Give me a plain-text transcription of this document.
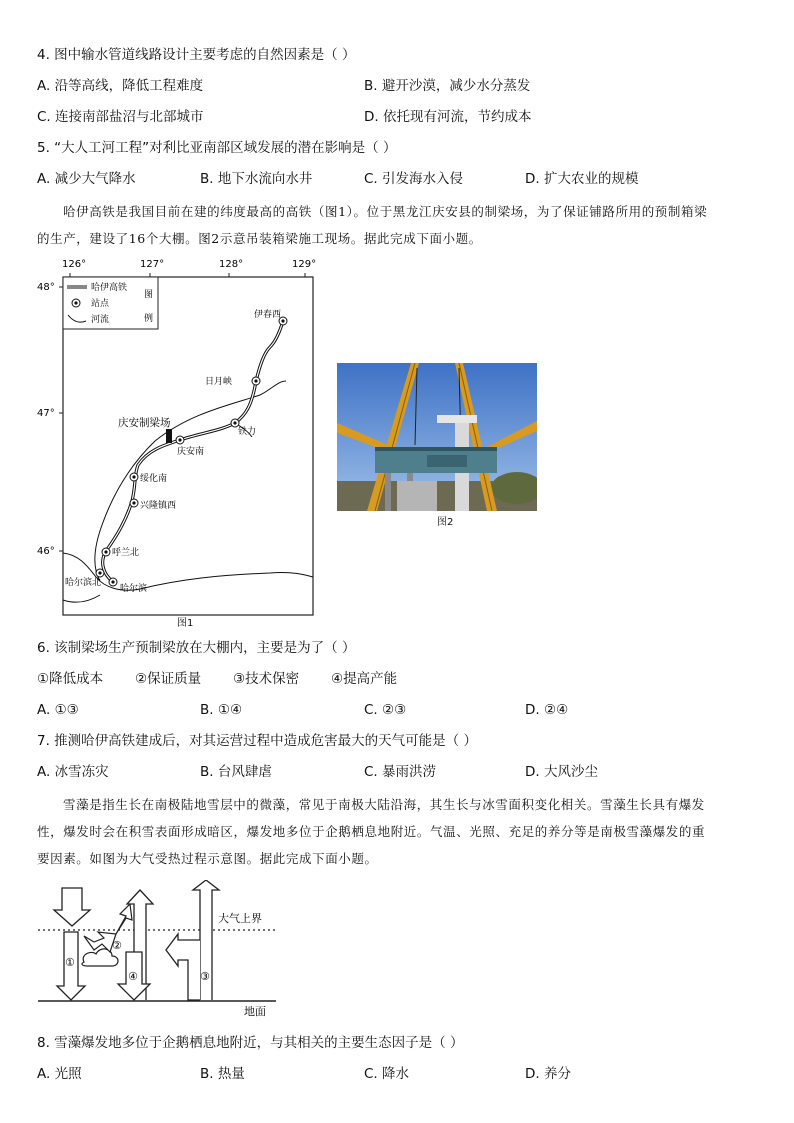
4. 图中输水管道线路设计主要考虑的自然因素是（ ）
A. 沿等高线，降低工程难度	B. 避开沙漠，减少水分蒸发
C. 连接南部盐沼与北部城市	D. 依托现有河流，节约成本
5. “大人工河工程”对利比亚南部区域发展的潜在影响是（ ）
A. 减少大气降水	B. 地下水流向水井	C. 引发海水入侵	D. 扩大农业的规模
哈伊高铁是我国目前在建的纬度最高的高铁（图1）。位于黑龙江庆安县的制梁场，为了保证铺路所用的预制箱梁
的生产，建设了16个大棚。图2示意吊装箱梁施工现场。据此完成下面小题。
126°	127°	128°	129°
48°
47°
46°
哈伊高铁
站点
河流
图
例	伊春西
日月峡
铁力
庆安南
绥化南
兴隆镇西
呼兰北
哈尔滨北
哈尔滨
庆安制梁场
图1
图2
6. 该制梁场生产预制梁放在大棚内，主要是为了（ ）
①降低成本 ②保证质量 ③技术保密 ④提高产能
A. ①③	B. ①④	C. ②③	D. ②④
7. 推测哈伊高铁建成后，对其运营过程中造成危害最大的天气可能是（ ）
A. 冰雪冻灾	B. 台风肆虐	C. 暴雨洪涝	D. 大风沙尘
雪藻是指生长在南极陆地雪层中的微藻，常见于南极大陆沿海，其生长与冰雪面积变化相关。雪藻生长具有爆发
性，爆发时会在积雪表面形成暗区，爆发地多位于企鹅栖息地附近。气温、光照、充足的养分等是南极雪藻爆发的重
要因素。如图为大气受热过程示意图。据此完成下面小题。
大气上界
地面
①
②
④	③
8. 雪藻爆发地多位于企鹅栖息地附近，与其相关的主要生态因子是（ ）
A. 光照	B. 热量	C. 降水	D. 养分
